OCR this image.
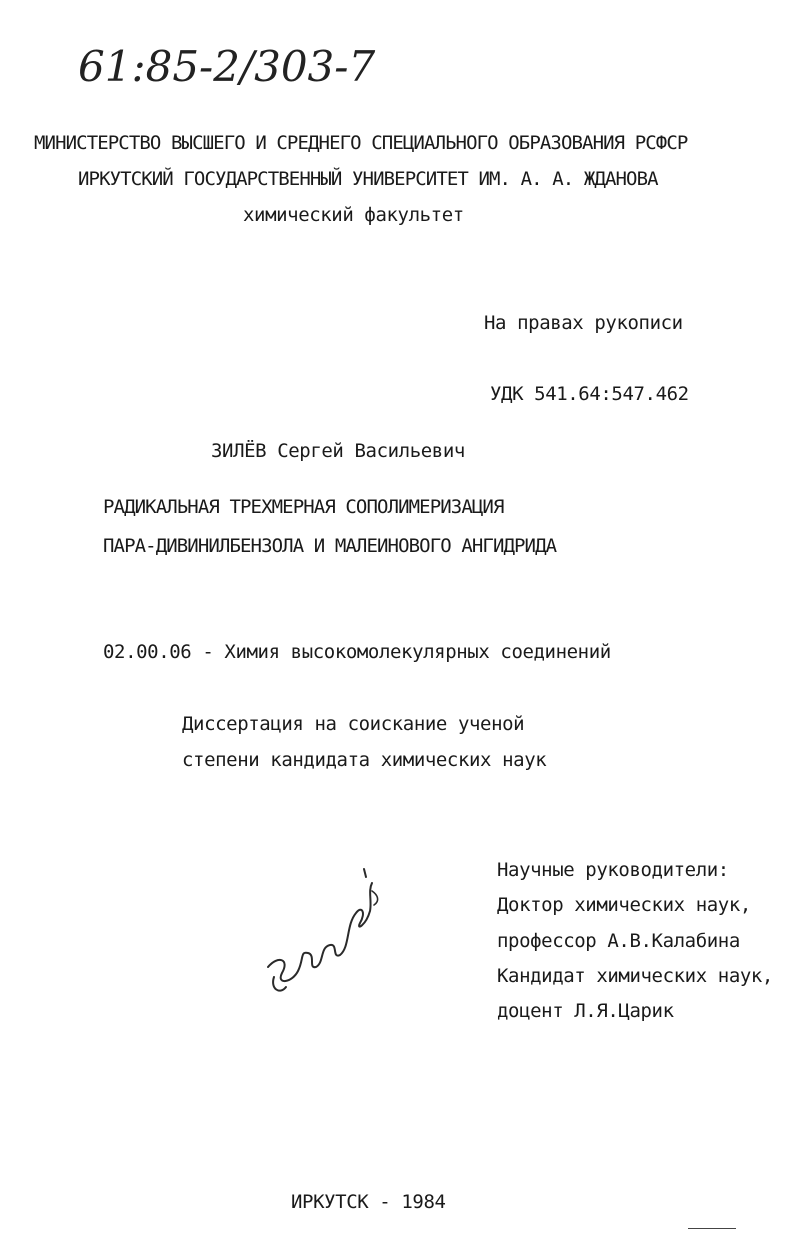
61:85-2/303-7
МИНИСТЕРСТВО ВЫСШЕГО И СРЕДНЕГО СПЕЦИАЛЬНОГО ОБРАЗОВАНИЯ РСФСР
ИРКУТСКИЙ ГОСУДАРСТВЕННЫЙ УНИВЕРСИТЕТ ИМ. А. А. ЖДАНОВА
химический факультет
На правах рукописи
УДК 541.64:547.462
ЗИЛЁВ Сергей Васильевич
РАДИКАЛЬНАЯ ТРЕХМЕРНАЯ СОПОЛИМЕРИЗАЦИЯ
ПАРА-ДИВИНИЛБЕНЗОЛА И МАЛЕИНОВОГО АНГИДРИДА
02.00.06 - Химия высокомолекулярных соединений
Диссертация на соискание ученой
степени кандидата химических наук
Научные руководители:
Доктор химических наук,
профессор А.В.Калабина
Кандидат химических наук,
доцент Л.Я.Царик
ИРКУТСК - 1984
